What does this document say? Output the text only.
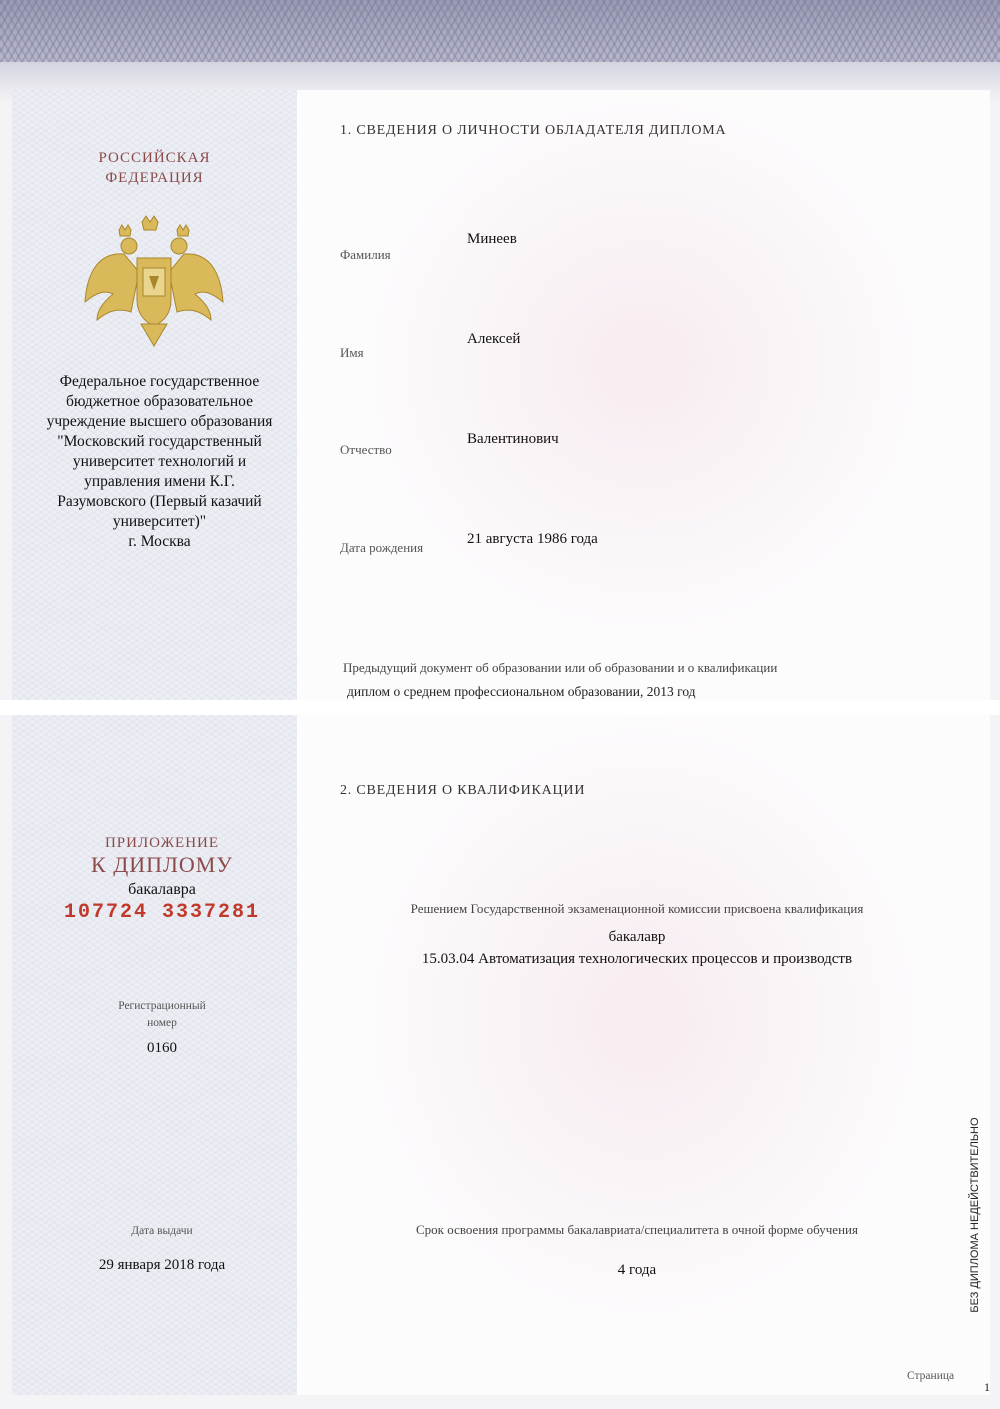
РОССИЙСКАЯ
ФЕДЕРАЦИЯ
Федеральное государственное
бюджетное образовательное
учреждение высшего образования
"Московский государственный
университет технологий и
управления имени К.Г.
Разумовского (Первый казачий
университет)"
г. Москва
1. СВЕДЕНИЯ О ЛИЧНОСТИ ОБЛАДАТЕЛЯ ДИПЛОМА
Фамилия
Минеев
Имя
Алексей
Отчество
Валентинович
Дата рождения
21 августа 1986 года
Предыдущий документ об образовании или об образовании и о квалификации
диплом о среднем профессиональном образовании, 2013 год
ПРИЛОЖЕНИЕ
К ДИПЛОМУ
бакалавра
107724 3337281
Регистрационный
номер
0160
Дата выдачи
29 января 2018 года
2. СВЕДЕНИЯ О КВАЛИФИКАЦИИ
Решением Государственной экзаменационной комиссии присвоена квалификация
бакалавр
15.03.04 Автоматизация технологических процессов и производств
Срок освоения программы бакалавриата/специалитета в очной форме обучения
4 года
Страница
БЕЗ ДИПЛОМА НЕДЕЙСТВИТЕЛЬНО
1
